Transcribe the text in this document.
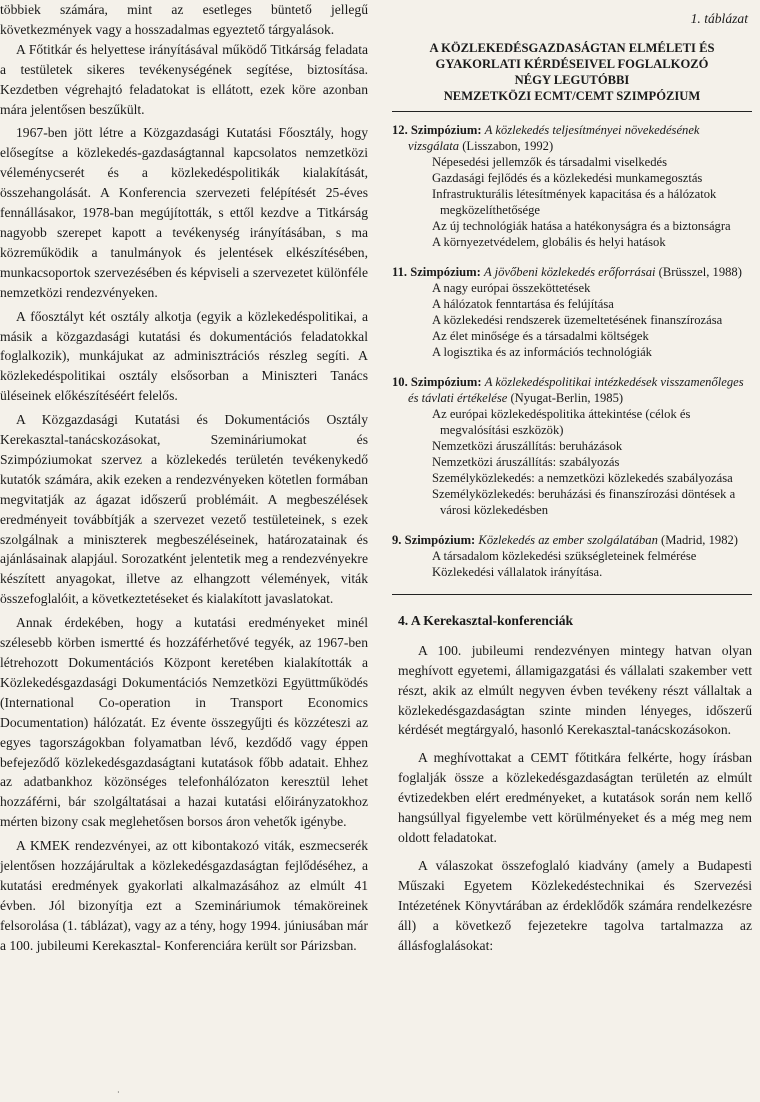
többiek számára, mint az esetleges büntető jellegű következmények vagy a hosszadalmas egyeztető tárgyalások.

A Főtitkár és helyettese irányításával működő Titkárság feladata a testületek sikeres tevékenységének segítése, biztosítása. Kezdetben végrehajtó feladatokat is ellátott, ezek köre azonban mára jelentősen beszűkült.

1967-ben jött létre a Közgazdasági Kutatási Főosztály, hogy elősegítse a közlekedés-gazdaságtannal kapcsolatos nemzetközi véleménycserét és a közlekedéspolitikák kialakítását, összehangolását. A Konferencia szervezeti felépítését 25-éves fennállásakor, 1978-ban megújították, s ettől kezdve a Titkárság nagyobb szerepet kapott a tevékenység irányításában, s ma közreműködik a tanulmányok és jelentések elkészítésében, munkacsoportok szervezésében és képviseli a szervezetet különféle nemzetközi rendezvényeken.

A főosztályt két osztály alkotja (egyik a közlekedéspolitikai, a másik a közgazdasági kutatási és dokumentációs feladatokkal foglalkozik), munkájukat az adminisztrációs részleg segíti. A közlekedéspolitikai osztály elsősorban a Miniszteri Tanács üléseinek előkészítéséért felelős.

A Közgazdasági Kutatási és Dokumentációs Osztály Kerekasztal-tanácskozásokat, Szemináriumokat és Szimpóziumokat szervez a közlekedés területén tevékenykedő kutatók számára, akik ezeken a rendezvényeken kötetlen formában megvitatják az ágazat időszerű problémáit. A megbeszélések eredményeit továbbítják a szervezet vezető testületeinek, s ezek szolgálnak a miniszterek megbeszéléseinek, határozatainak és ajánlásainak alapjául. Sorozatként jelentetik meg a rendezvényekre készített anyagokat, illetve az elhangzott vélemények, viták összefoglalóit, a következtetéseket és kialakított javaslatokat.

Annak érdekében, hogy a kutatási eredményeket minél szélesebb körben ismertté és hozzáférhetővé tegyék, az 1967-ben létrehozott Dokumentációs Központ keretében kialakították a Közlekedésgazdasági Dokumentációs Nemzetközi Együttműködés (International Co-operation in Transport Economics Documentation) hálózatát. Ez évente összegyűjti és közzéteszi az egyes tagországokban folyamatban lévő, kezdődő vagy éppen befejeződő közlekedésgazdaságtani kutatások főbb adatait. Ehhez az adatbankhoz közönséges telefonhálózaton keresztül lehet hozzáférni, bár szolgáltatásai a hazai kutatási előirányzatokhoz mérten bizony csak meglehetősen borsos áron vehetők igénybe.

A KMEK rendezvényei, az ott kibontakozó viták, eszmecserék jelentősen hozzájárultak a közlekedésgazdaságtan fejlődéséhez, a kutatási eredmények gyakorlati alkalmazásához az elmúlt 41 évben. Jól bizonyítja ezt a Szemináriumok témaköreinek felsorolása (1. táblázat), vagy az a tény, hogy 1994. júniusában már a 100. jubileumi Kerekasztal- Konferenciára került sor Párizsban.

1. táblázat
A KÖZLEKEDÉSGAZDASÁGTAN ELMÉLETI ÉS
GYAKORLATI KÉRDÉSEIVEL FOGLALKOZÓ
NÉGY LEGUTÓBBI
NEMZETKÖZI ECMT/CEMT SZIMPÓZIUM
12. Szimpózium: A közlekedés teljesítményei növekedésének vizsgálata (Lisszabon, 1992)
Népesedési jellemzők és társadalmi viselkedés
Gazdasági fejlődés és a közlekedési munkamegosztás
Infrastrukturális létesítmények kapacitása és a hálózatok megközelíthetősége
Az új technológiák hatása a hatékonyságra és a biztonságra
A környezetvédelem, globális és helyi hatások
11. Szimpózium: A jövőbeni közlekedés erőforrásai (Brüsszel, 1988)
A nagy európai összeköttetések
A hálózatok fenntartása és felújítása
A közlekedési rendszerek üzemeltetésének finanszírozása
Az élet minősége és a társadalmi költségek
A logisztika és az információs technológiák
10. Szimpózium: A közlekedéspolitikai intézkedések visszamenőleges és távlati értékelése (Nyugat-Berlin, 1985)
Az európai közlekedéspolitika áttekintése (célok és megvalósítási eszközök)
Nemzetközi áruszállítás: beruházások
Nemzetközi áruszállítás: szabályozás
Személyközlekedés: a nemzetközi közlekedés szabályozása
Személyközlekedés: beruházási és finanszírozási döntések a városi közlekedésben
9. Szimpózium: Közlekedés az ember szolgálatában (Madrid, 1982)
A társadalom közlekedési szükségleteinek felmérése
Közlekedési vállalatok irányítása.
4. A Kerekasztal-konferenciák

A 100. jubileumi rendezvényen mintegy hatvan olyan meghívott egyetemi, államigazgatási és vállalati szakember vett részt, akik az elmúlt negyven évben tevékeny részt vállaltak a közlekedésgazdaságtan szinte minden lényeges, időszerű kérdését megtárgyaló, hasonló Kerekasztal-tanácskozásokon.

A meghívottakat a CEMT főtitkára felkérte, hogy írásban foglalják össze a közlekedésgazdaságtan területén az elmúlt évtizedekben elért eredményeket, a kutatások során nem kellő hangsúllyal figyelembe vett körülményeket és a még meg nem oldott feladatokat.

A válaszokat összefoglaló kiadvány (amely a Budapesti Műszaki Egyetem Közlekedéstechnikai és Szervezési Intézetének Könyvtárában az érdeklődők számára rendelkezésre áll) a következő fejezetekre tagolva tartalmazza az állásfoglalásokat:

·
